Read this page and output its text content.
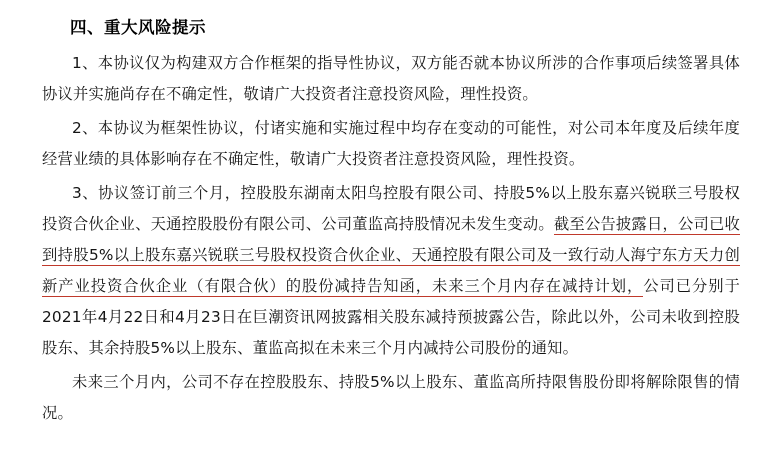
四、重大风险提示

1、本协议仅为构建双方合作框架的指导性协议，双方能否就本协议所涉的合作事项后续签署具体协议并实施尚存在不确定性，敬请广大投资者注意投资风险，理性投资。

2、本协议为框架性协议，付诸实施和实施过程中均存在变动的可能性，对公司本年度及后续年度经营业绩的具体影响存在不确定性，敬请广大投资者注意投资风险，理性投资。

3、协议签订前三个月，控股股东湖南太阳鸟控股有限公司、持股5%以上股东嘉兴锐联三号股权投资合伙企业、天通控股股份有限公司、公司董监高持股情况未发生变动。截至公告披露日，公司已收到持股5%以上股东嘉兴锐联三号股权投资合伙企业、天通控股有限公司及一致行动人海宁东方天力创新产业投资合伙企业（有限合伙）的股份减持告知函，未来三个月内存在减持计划，公司已分别于2021年4月22日和4月23日在巨潮资讯网披露相关股东减持预披露公告，除此以外，公司未收到控股股东、其余持股5%以上股东、董监高拟在未来三个月内减持公司股份的通知。

未来三个月内，公司不存在控股股东、持股5%以上股东、董监高所持限售股份即将解除限售的情况。
